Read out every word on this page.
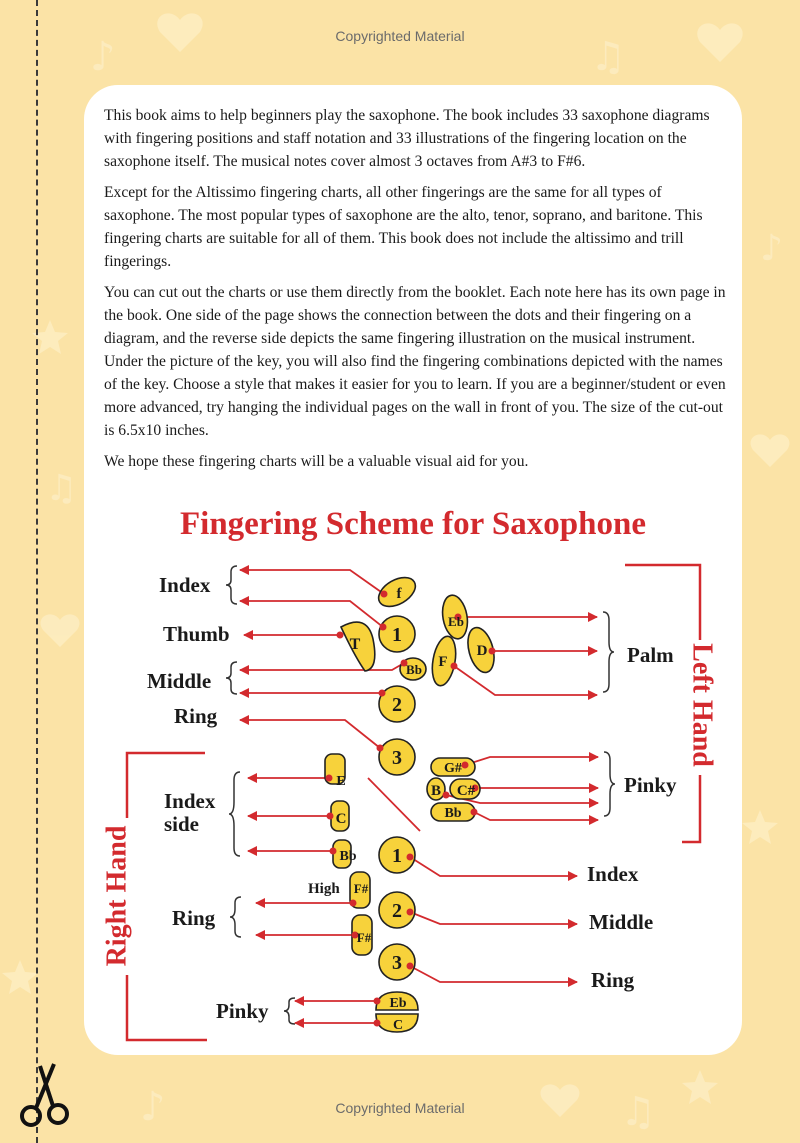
♪	♫
♪
♫
♪	♫
Copyrighted Material
Copyrighted Material

This book aims to help beginners play the saxophone. The book includes 33 saxophone diagrams with fingering positions and staff notation and 33 illustrations of the fingering location on the saxophone itself. The musical notes cover almost 3 octaves from A#3 to F#6.

Except for the Altissimo fingering charts, all other fingerings are the same for all types of saxophone. The most popular types of saxophone are the alto, tenor, soprano, and baritone. This fingering charts are suitable for all of them. This book does not include the altissimo and trill fingerings.

You can cut out the charts or use them directly from the booklet. Each note here has its own page in the book. One side of the page shows the connection between the dots and their fingering on a diagram, and the reverse side depicts the same fingering illustration on the musical instrument. Under the picture of the key, you will also find the fingering combinations depicted with the names of the key. Choose a style that makes it easier for you to learn. If you are a beginner/student or even more advanced, try hanging the individual pages on the wall in front of you. The size of the cut-out is 6.5x10 inches.

We hope these fingering charts will be a valuable visual aid for you.

Fingering Scheme for Saxophone
Left Hand
Right Hand
f
1
T
Bb
2
3
Eb
D
F
G#
B C#
Bb
E
C
Bb 1
2
3
F#
F#
Eb
C
Index
Thumb
Middle
Ring
Palm
Pinky
Index
side
Ring
Pinky
Index
Middle
Ring
High
